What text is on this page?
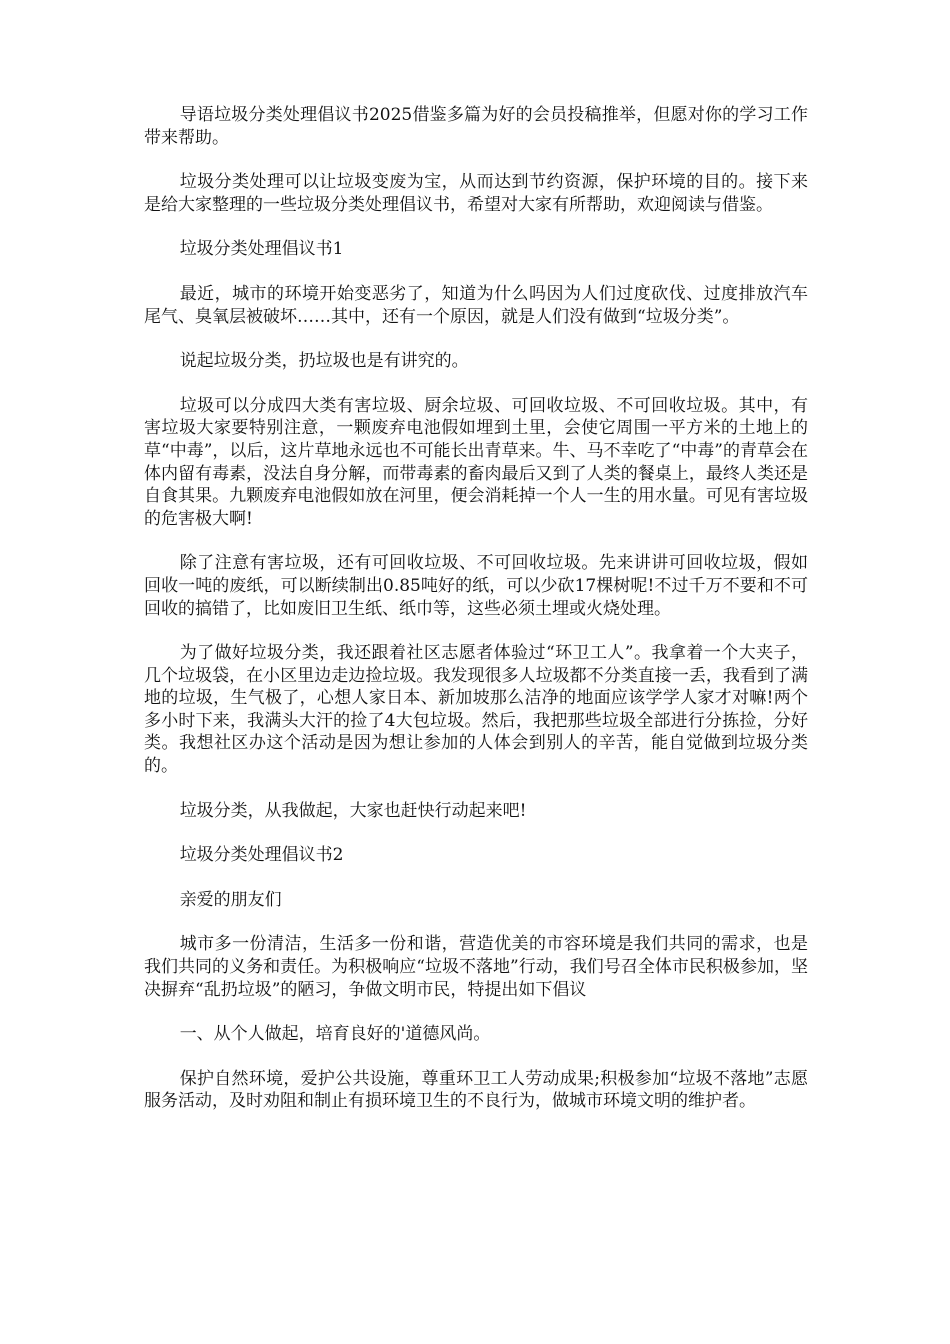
导语垃圾分类处理倡议书2025借鉴多篇为好的会员投稿推举，但愿对你的学习工作带来帮助。

垃圾分类处理可以让垃圾变废为宝，从而达到节约资源，保护环境的目的。接下来是给大家整理的一些垃圾分类处理倡议书，希望对大家有所帮助，欢迎阅读与借鉴。

垃圾分类处理倡议书1

最近，城市的环境开始变恶劣了，知道为什么吗因为人们过度砍伐、过度排放汽车尾气、臭氧层被破坏……其中，还有一个原因，就是人们没有做到“垃圾分类”。

说起垃圾分类，扔垃圾也是有讲究的。

垃圾可以分成四大类有害垃圾、厨余垃圾、可回收垃圾、不可回收垃圾。其中，有害垃圾大家要特别注意，一颗废弃电池假如埋到土里，会使它周围一平方米的土地上的草“中毒”，以后，这片草地永远也不可能长出青草来。牛、马不幸吃了“中毒”的青草会在体内留有毒素，没法自身分解，而带毒素的畜肉最后又到了人类的餐桌上，最终人类还是自食其果。九颗废弃电池假如放在河里，便会消耗掉一个人一生的用水量。可见有害垃圾的危害极大啊!

除了注意有害垃圾，还有可回收垃圾、不可回收垃圾。先来讲讲可回收垃圾，假如回收一吨的废纸，可以断续制出0.85吨好的纸，可以少砍17棵树呢!不过千万不要和不可回收的搞错了，比如废旧卫生纸、纸巾等，这些必须土埋或火烧处理。

为了做好垃圾分类，我还跟着社区志愿者体验过“环卫工人”。我拿着一个大夹子，几个垃圾袋，在小区里边走边捡垃圾。我发现很多人垃圾都不分类直接一丢，我看到了满地的垃圾，生气极了，心想人家日本、新加坡那么洁净的地面应该学学人家才对嘛!两个多小时下来，我满头大汗的捡了4大包垃圾。然后，我把那些垃圾全部进行分拣捡，分好类。我想社区办这个活动是因为想让参加的人体会到别人的辛苦，能自觉做到垃圾分类的。

垃圾分类，从我做起，大家也赶快行动起来吧!

垃圾分类处理倡议书2

亲爱的朋友们

城市多一份清洁，生活多一份和谐，营造优美的市容环境是我们共同的需求，也是我们共同的义务和责任。为积极响应“垃圾不落地”行动，我们号召全体市民积极参加，坚决摒弃“乱扔垃圾”的陋习，争做文明市民，特提出如下倡议

一、从个人做起，培育良好的'道德风尚。

保护自然环境，爱护公共设施，尊重环卫工人劳动成果;积极参加“垃圾不落地”志愿服务活动，及时劝阻和制止有损环境卫生的不良行为，做城市环境文明的维护者。
